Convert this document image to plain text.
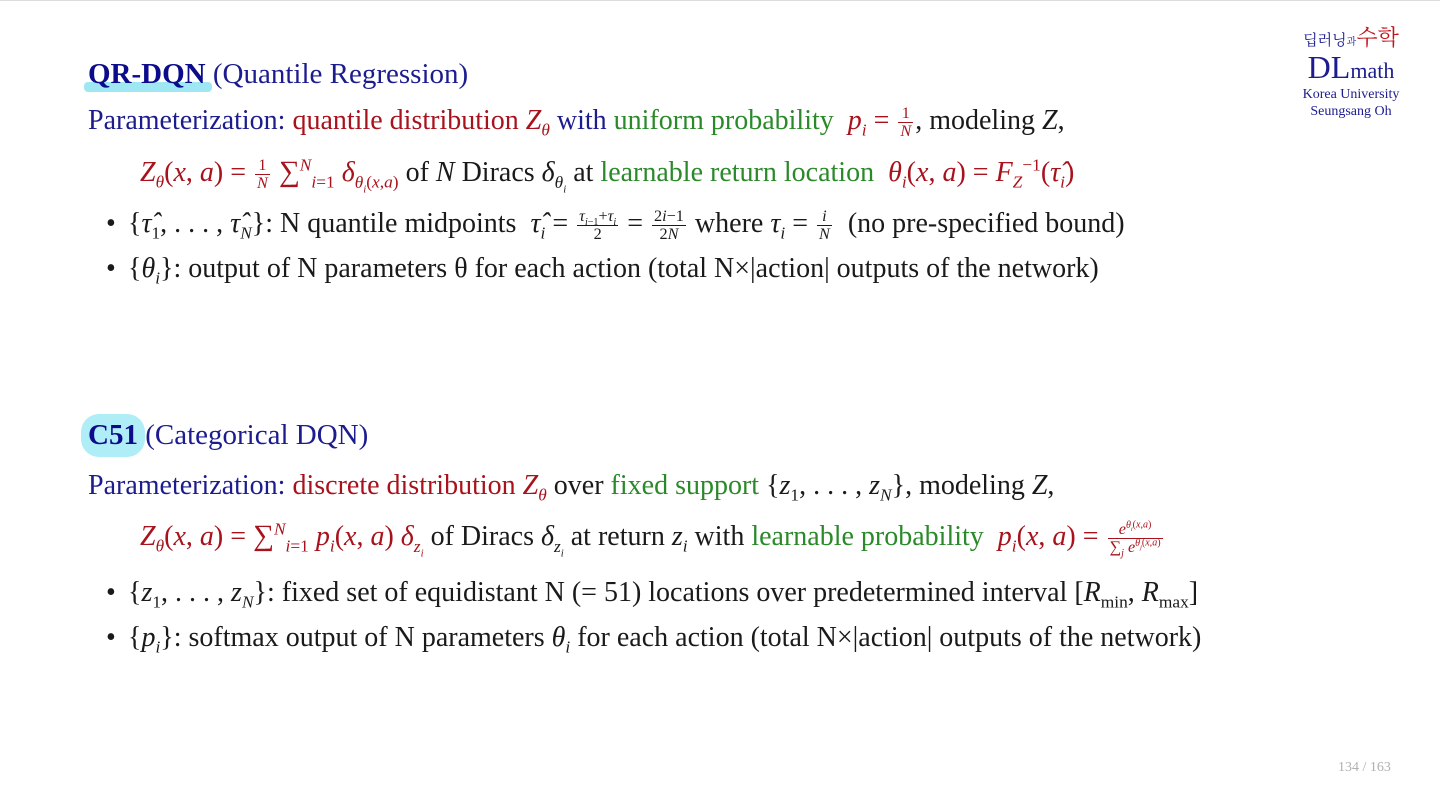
딥러닝과수학
DLmath
Korea University
Seungsang Oh
QR-DQN (Quantile Regression)
Parameterization: quantile distribution $Z_\theta$ with uniform probability $p_i = \frac{1}{N}$ , modeling Z,
$Z_\theta(x$, $a) = \frac{1}{N} \sum^N_{i=1}$ $\delta_{\theta_i(x,a)}$ of N Diracs $\delta_{\theta_i}$ at learnable return location $\theta_i(x$, $a) = F_Z^{-1}(\taû_i)$
• {$\taû_1$, . . . , $\taû_N$}: N quantile midpoints $\taû_i = \frac{\tau_{i-1}+\tau_i}{2} = \frac{2i-1}{2N}$ where $\tau_i = \frac{i}{N} (no$ pre-specified bound)
• $\{\theta_i\}$: output of N parameters θ for each action (total N×|action| outputs of the network)
C51 (Categorical DQN)
Parameterization: discrete distribution $Z_\theta$ over fixed support {$z_1$, . . . , $z_N$}, modeling Z,
$Z_\theta(x$, a) = ∑$^N_{i=1}$ $p_i(x$, a) $\delta_{z_i}$ of Diracs $\delta_{z_i}$ at return $z_i$ with learnable probability $p_i(x$, $a) = \frac{e^{\theta_i(x,a)}}{\sum_j e^{\theta_j(x,a)}}$
• {$z_1$, . . . , $z_N$}: fixed set of equidistant N (= 51) locations over predetermined interval [$R_{min}$, $R_{max}$]
• $\{p_i\}$: softmax output of N parameters $\theta_i$ for each action (total N×|action| outputs of the network)
134 / 163
